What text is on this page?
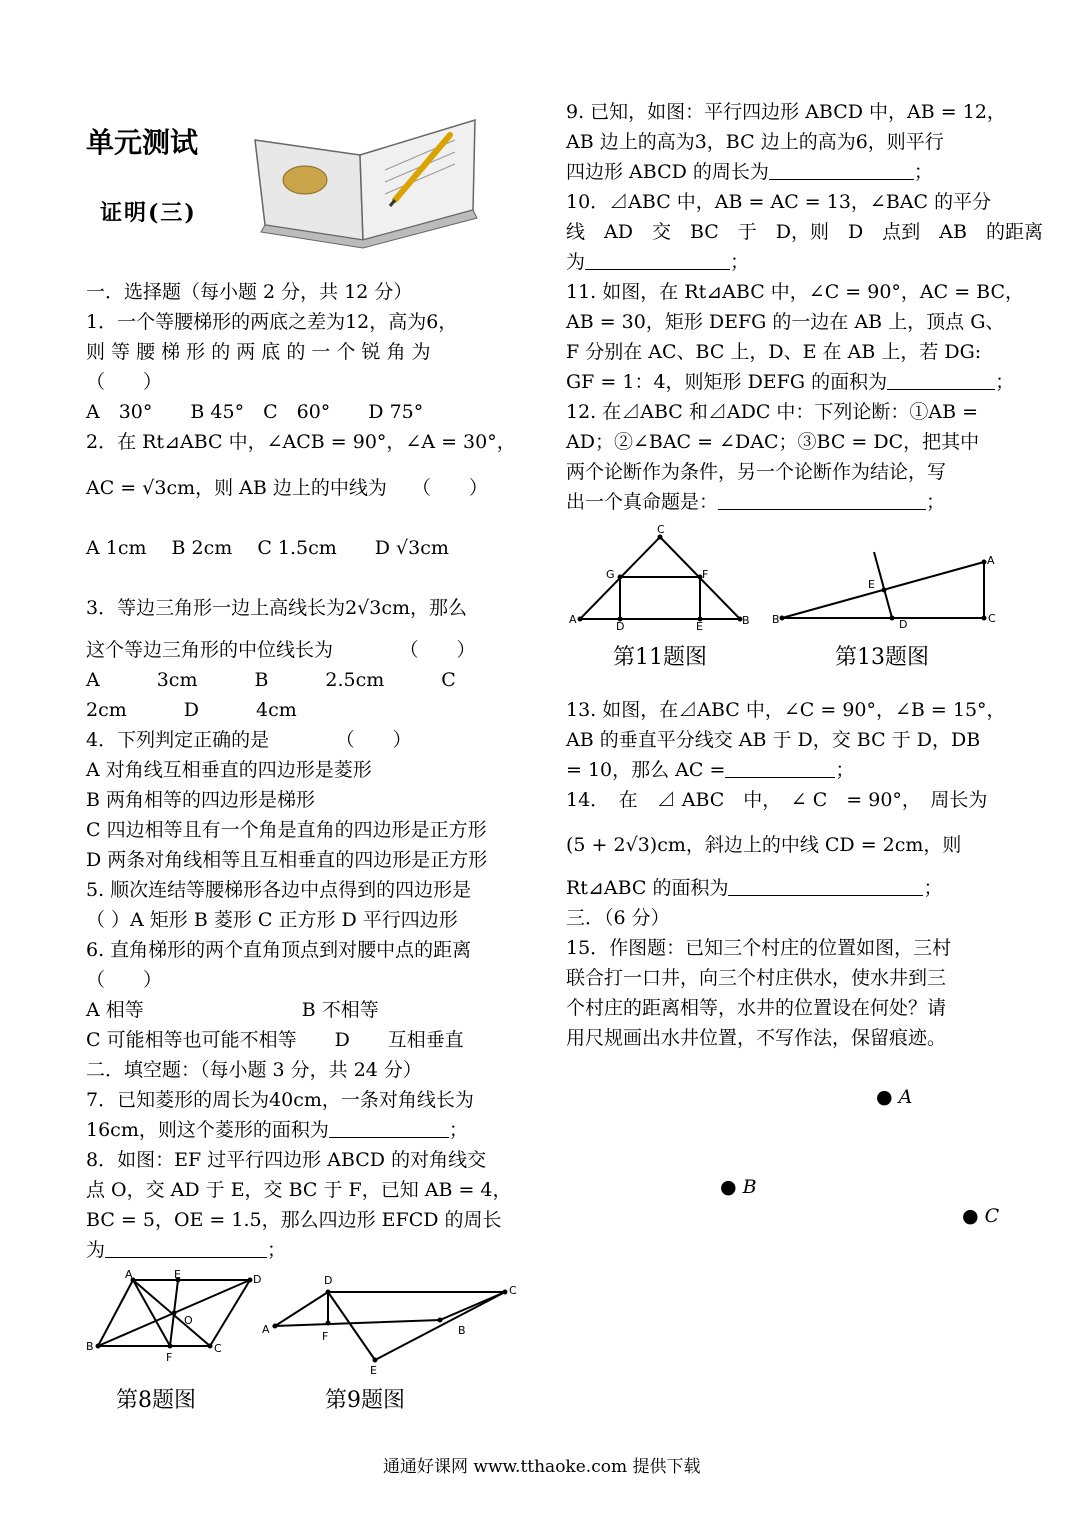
单元测试
证明(三)
一．选择题（每小题 2 分，共 12 分）
1．一个等腰梯形的两底之差为12，高为6，
则 等 腰 梯 形 的 两 底 的 一 个 锐 角 为
（　　）
A　30°　　B 45°　C　60°　　D 75°
2．在 Rt⊿ABC 中，∠ACB = 90°，∠A = 30°，
AC = √3cm，则 AB 边上的中线为　 （　　）
A 1cm　 B 2cm　 C 1.5cm　　D √3cm
3．等边三角形一边上高线长为2√3cm，那么
这个等边三角形的中位线长为　　　　（　　）
A　　　3cm　　　B　　　2.5cm　　　C
2cm　　　D　　　4cm
4．下列判定正确的是　　　　（　　）
A 对角线互相垂直的四边形是菱形
B 两角相等的四边形是梯形
C 四边相等且有一个角是直角的四边形是正方形
D 两条对角线相等且互相垂直的四边形是正方形
5. 顺次连结等腰梯形各边中点得到的四边形是
（ ）A 矩形 B 菱形 C 正方形 D 平行四边形
6. 直角梯形的两个直角顶点到对腰中点的距离
（　　）
A 相等　　　　　　　　 B 不相等
C 可能相等也可能不相等　　D　　互相垂直
二．填空题：（每小题 3 分，共 24 分）
7．已知菱形的周长为40cm，一条对角线长为
16cm，则这个菱形的面积为	；
8．如图：EF 过平行四边形 ABCD 的对角线交
点 O，交 AD 于 E，交 BC 于 F，已知 AB = 4，
BC = 5，OE = 1.5，那么四边形 EFCD 的周长
为	；
A	E	D
O
B
F
C
第8题图
D
C
A
F	B
E
第9题图
9. 已知，如图：平行四边形 ABCD 中，AB = 12，
AB 边上的高为3，BC 边上的高为6，则平行
四边形 ABCD 的周长为	；
10．⊿ABC 中，AB = AC = 13，∠BAC 的平分
线　AD　交　BC　于　D，则　D　点到　AB　的距离
为	；
11. 如图，在 Rt⊿ABC 中，∠C = 90°，AC = BC，
AB = 30，矩形 DEFG 的一边在 AB 上，顶点 G、
F 分别在 AC、BC 上，D、E 在 AB 上，若 DG:
GF = 1：4，则矩形 DEFG 的面积为	；
12. 在⊿ABC 和⊿ADC 中：下列论断：①AB =
AD；②∠BAC = ∠DAC；③BC = DC，把其中
两个论断作为条件，另一个论断作为结论，写
出一个真命题是：	；
C
G	F
A
D	E	B
第11题图
A
E
B	D	C
第13题图
13. 如图，在⊿ABC 中，∠C = 90°，∠B = 15°，
AB 的垂直平分线交 AB 于 D，交 BC 于 D，DB
= 10，那么 AC =	；
14．　在　⊿ ABC　中，　∠ C　= 90°，　周长为
(5 + 2√3)cm，斜边上的中线 CD = 2cm，则
Rt⊿ABC 的面积为	；
三．（6 分）
15．作图题：已知三个村庄的位置如图，三村
联合打一口井，向三个村庄供水，使水井到三
个村庄的距离相等，水井的位置设在何处？请
用尺规画出水井位置，不写作法，保留痕迹。
● A
● B
● C
通通好课网 www.tthaoke.com 提供下载
